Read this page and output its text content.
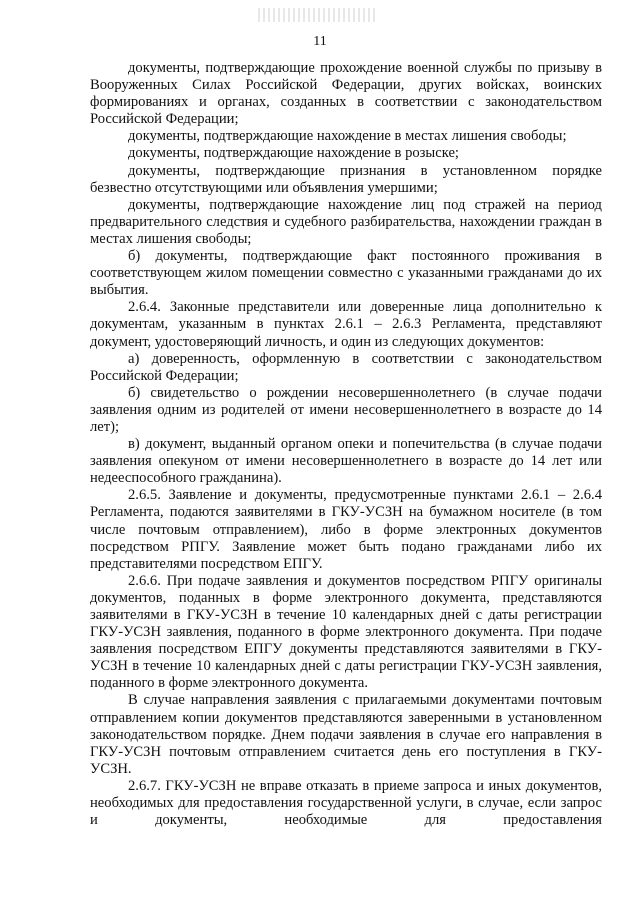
11

документы, подтверждающие прохождение военной службы по призыву в Вооруженных Силах Российской Федерации, других войсках, воинских формированиях и органах, созданных в соответствии с законодательством Российской Федерации;

документы, подтверждающие нахождение в местах лишения свободы;

документы, подтверждающие нахождение в розыске;

документы, подтверждающие признания в установленном порядке безвестно отсутствующими или объявления умершими;

документы, подтверждающие нахождение лиц под стражей на период предварительного следствия и судебного разбирательства, нахождении граждан в местах лишения свободы;

б) документы, подтверждающие факт постоянного проживания в соответствующем жилом помещении совместно с указанными гражданами до их выбытия.

2.6.4. Законные представители или доверенные лица дополнительно к документам, указанным в пунктах 2.6.1 – 2.6.3 Регламента, представляют документ, удостоверяющий личность, и один из следующих документов:

а) доверенность, оформленную в соответствии с законодательством Российской Федерации;

б) свидетельство о рождении несовершеннолетнего (в случае подачи заявления одним из родителей от имени несовершеннолетнего в возрасте до 14 лет);

в) документ, выданный органом опеки и попечительства (в случае подачи заявления опекуном от имени несовершеннолетнего в возрасте до 14 лет или недееспособного гражданина).

2.6.5. Заявление и документы, предусмотренные пунктами 2.6.1 – 2.6.4 Регламента, подаются заявителями в ГКУ-УСЗН на бумажном носителе (в том числе почтовым отправлением), либо в форме электронных документов посредством РПГУ. Заявление может быть подано гражданами либо их представителями посредством ЕПГУ.

2.6.6. При подаче заявления и документов посредством РПГУ оригиналы документов, поданных в форме электронного документа, представляются заявителями в ГКУ-УСЗН в течение 10 календарных дней с даты регистрации ГКУ-УСЗН заявления, поданного в форме электронного документа. При подаче заявления посредством ЕПГУ документы представляются заявителями в ГКУ-УСЗН в течение 10 календарных дней с даты регистрации ГКУ-УСЗН заявления, поданного в форме электронного документа.

В случае направления заявления с прилагаемыми документами почтовым отправлением копии документов представляются заверенными в установленном законодательством порядке. Днем подачи заявления в случае его направления в ГКУ-УСЗН почтовым отправлением считается день его поступления в ГКУ-УСЗН.

2.6.7. ГКУ-УСЗН не вправе отказать в приеме запроса и иных документов, необходимых для предоставления государственной услуги, в случае, если запрос и документы, необходимые для предоставления
